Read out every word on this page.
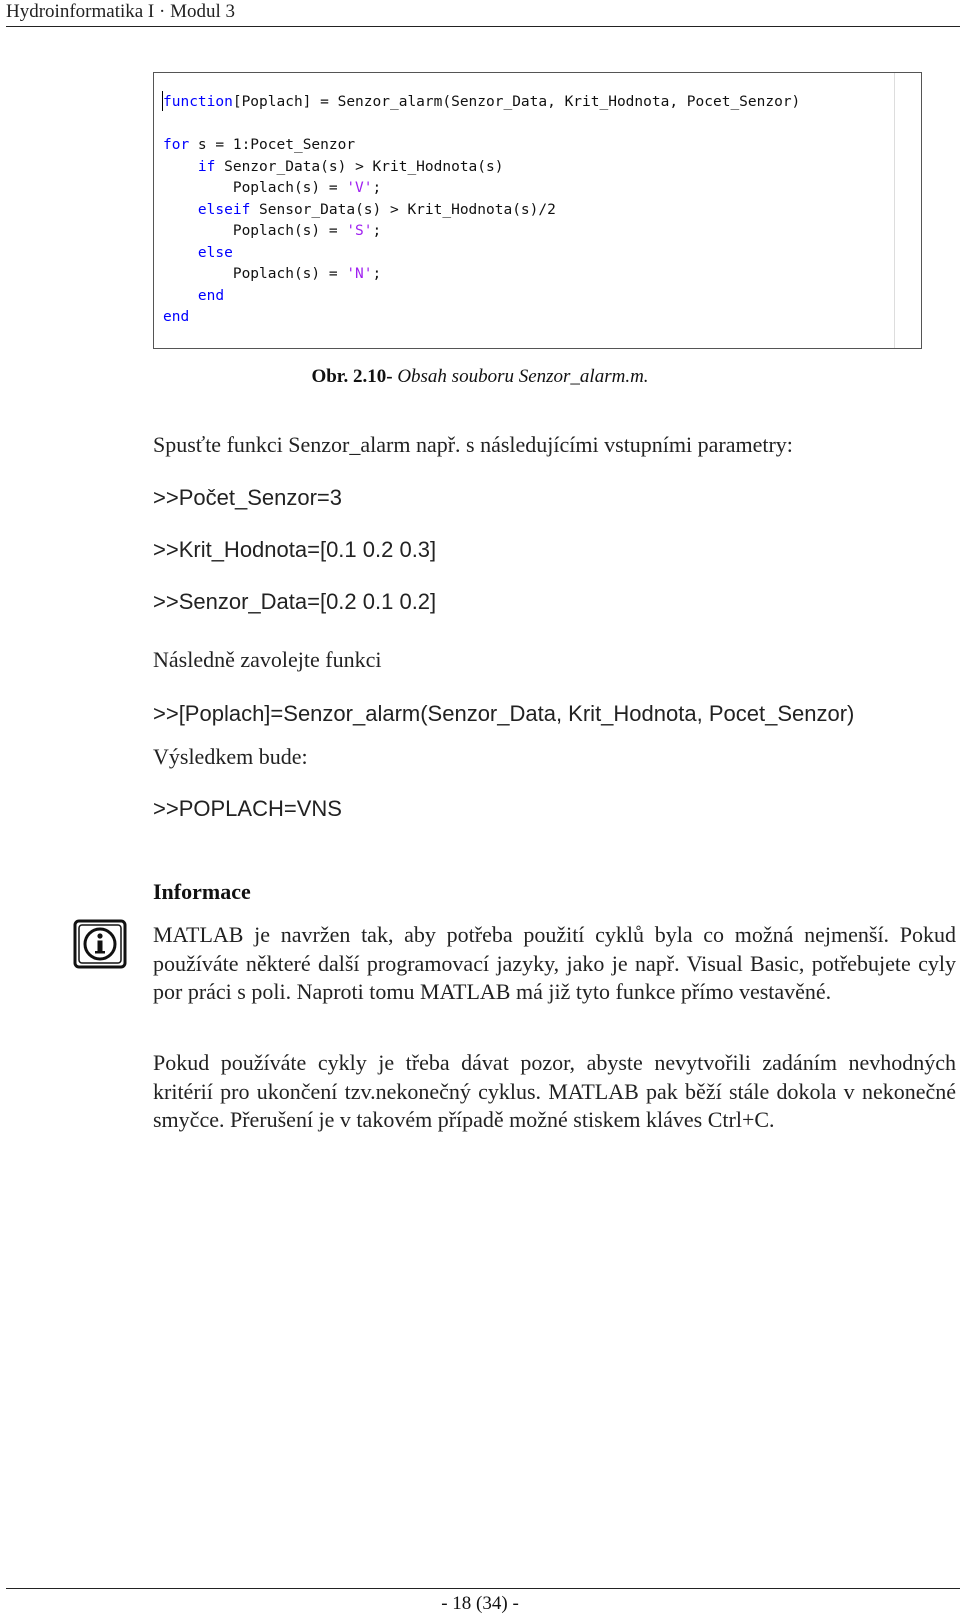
Hydroinformatika I · Modul 3
function[Poplach] = Senzor_alarm(Senzor_Data, Krit_Hodnota, Pocet_Senzor)
for s = 1:Pocet_Senzor
if Senzor_Data(s) > Krit_Hodnota(s)
Poplach(s) = 'V';
elseif Sensor_Data(s) > Krit_Hodnota(s)/2
Poplach(s) = 'S';
else
Poplach(s) = 'N';
end
end
Obr. 2.10- Obsah souboru Senzor_alarm.m.
Spusťte funkci Senzor_alarm např. s následujícími vstupními parametry:
>>Počet_Senzor=3
>>Krit_Hodnota=[0.1 0.2 0.3]
>>Senzor_Data=[0.2 0.1 0.2]
Následně zavolejte funkci
>>[Poplach]=Senzor_alarm(Senzor_Data, Krit_Hodnota, Pocet_Senzor)
Výsledkem bude:
>>POPLACH=VNS
Informace
MATLAB je navržen tak, aby potřeba použití cyklů byla co možná nejmenší. Pokud používáte některé další programovací jazyky, jako je např. Visual Basic, potřebujete cyly por práci s poli. Naproti tomu MATLAB má již tyto funkce přímo vestavěné.
Pokud používáte cykly je třeba dávat pozor, abyste nevytvořili zadáním nevhodných kritérií pro ukončení tzv.nekonečný cyklus. MATLAB pak běží stále dokola v nekonečné smyčce. Přerušení je v takovém případě možné stiskem kláves Ctrl+C.
- 18 (34) -
